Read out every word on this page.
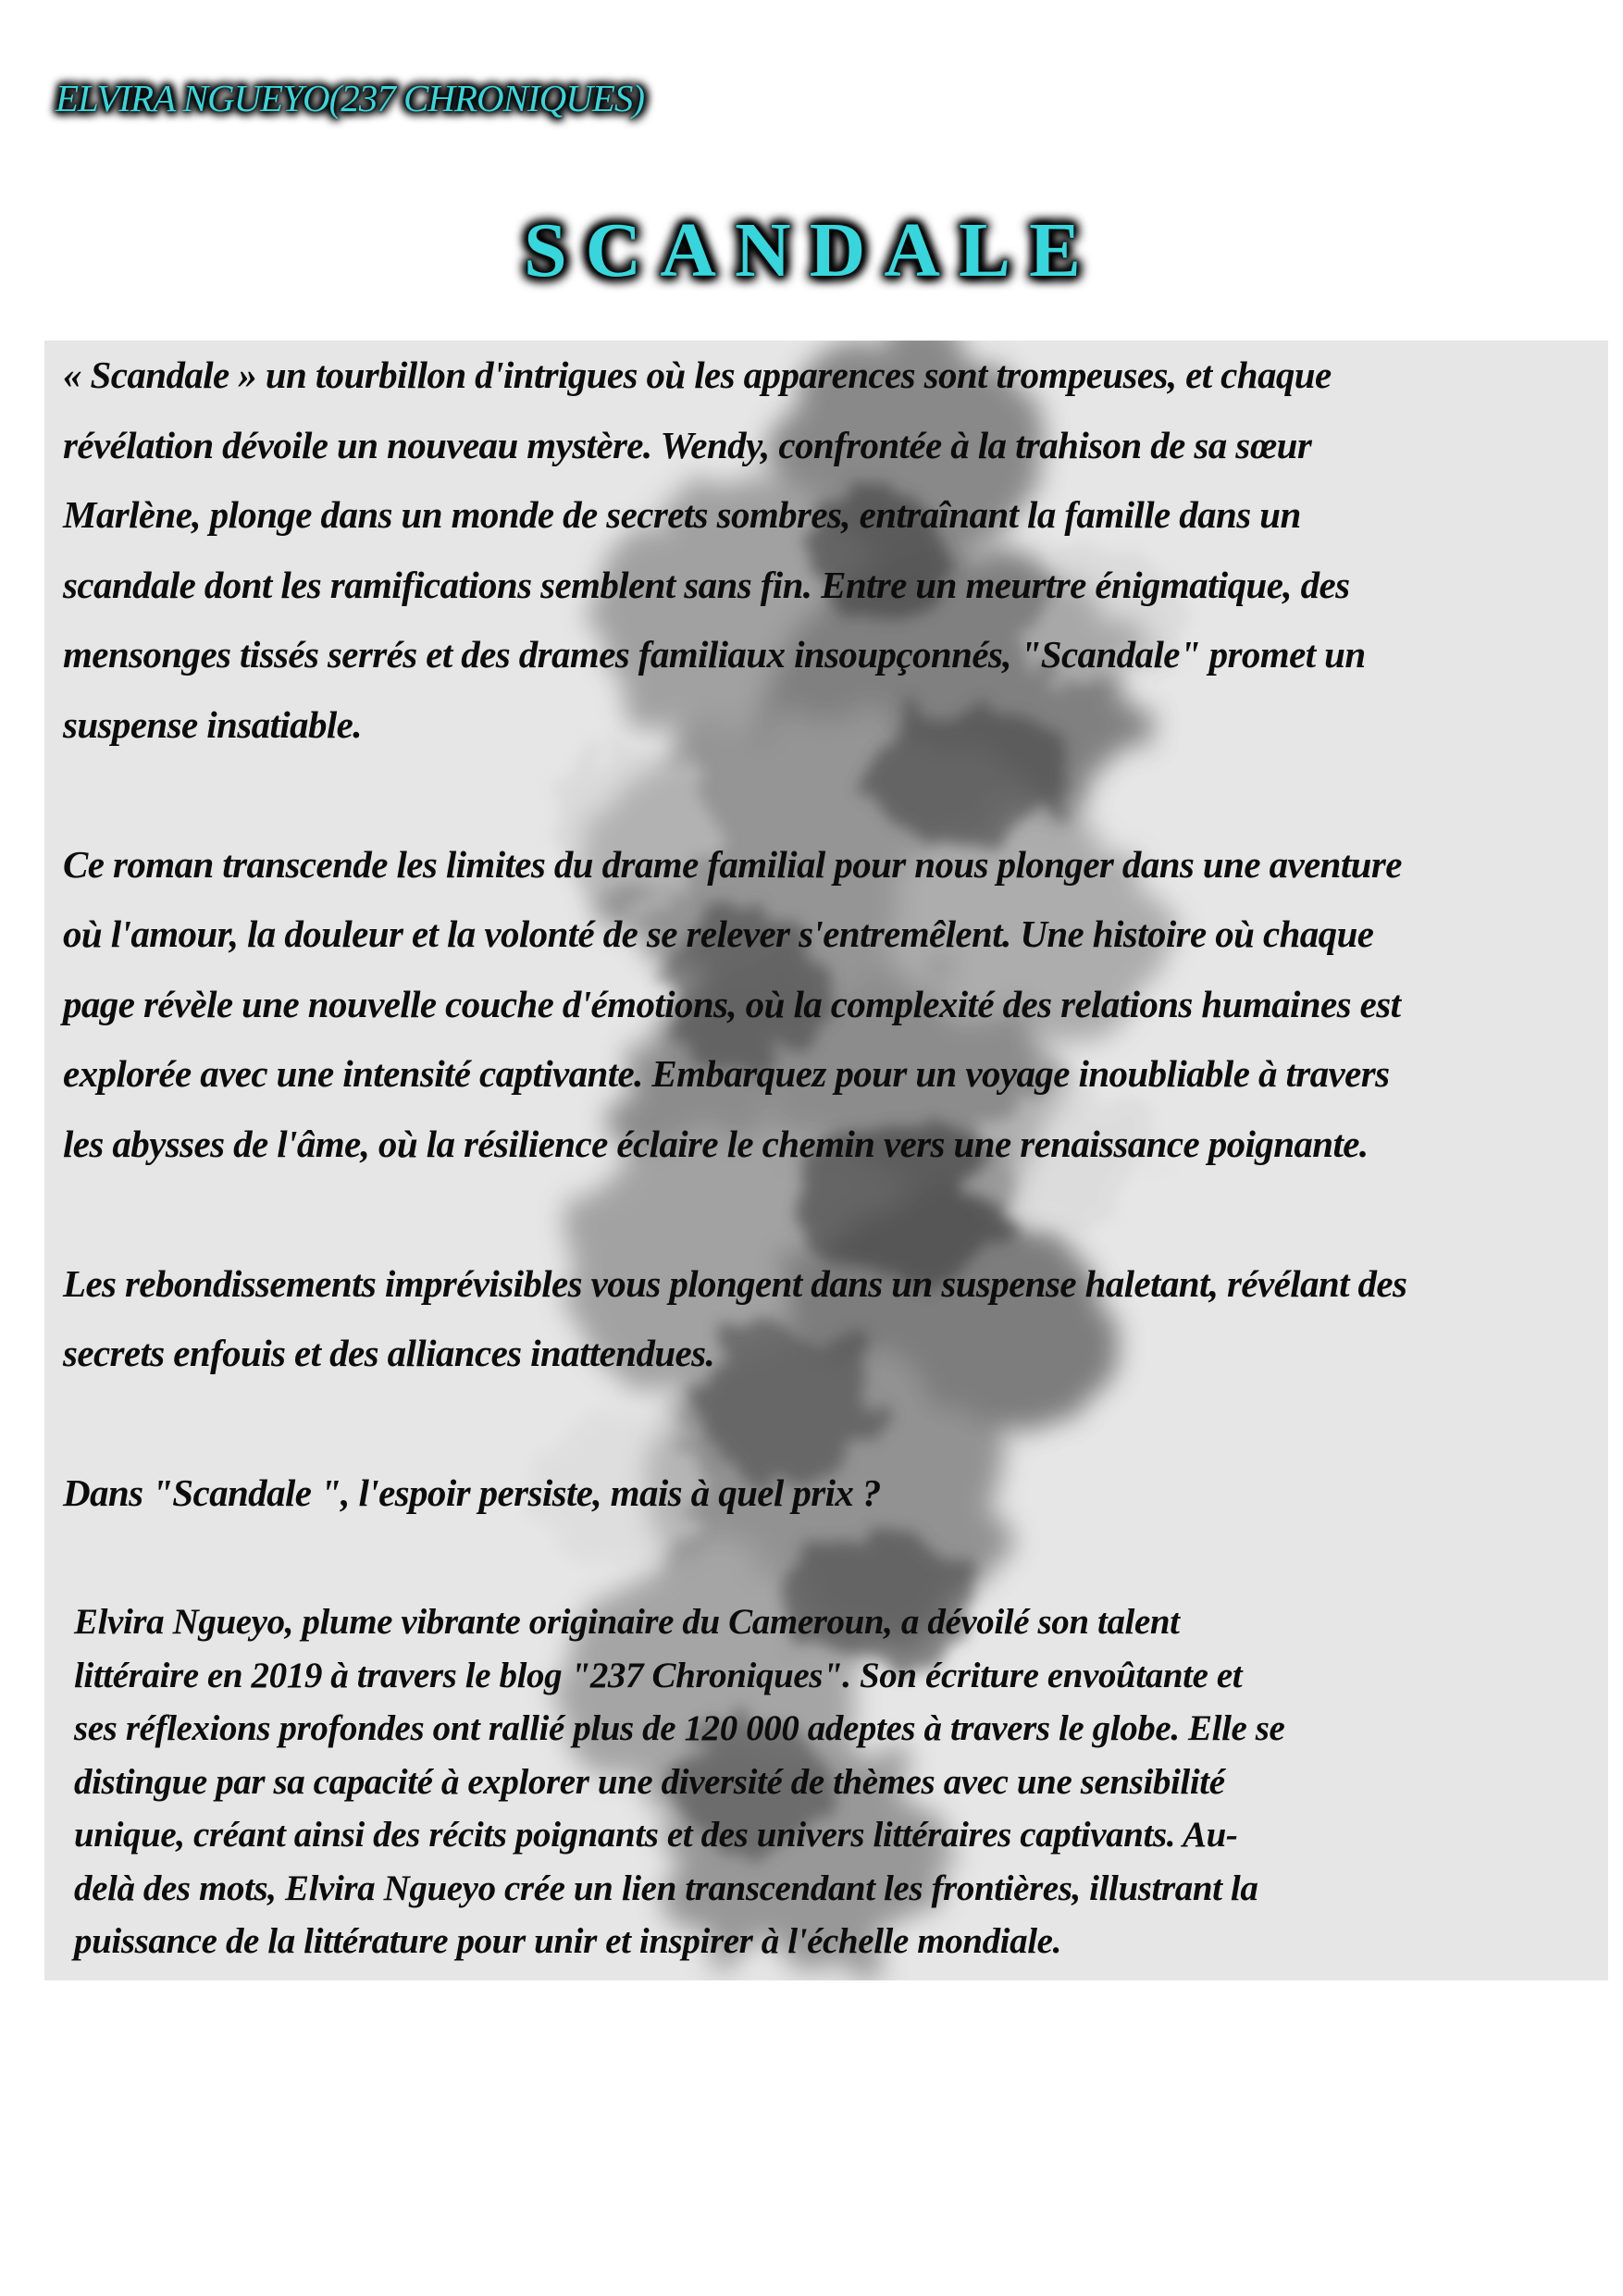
ELVIRA NGUEYO(237 CHRONIQUES)
SCANDALE

« Scandale » un tourbillon d'intrigues où les apparences sont trompeuses, et chaque
révélation dévoile un nouveau mystère. Wendy, confrontée à la trahison de sa sœur
Marlène, plonge dans un monde de secrets sombres, entraînant la famille dans un
scandale dont les ramifications semblent sans fin. Entre un meurtre énigmatique, des
mensonges tissés serrés et des drames familiaux insoupçonnés, "Scandale" promet un
suspense insatiable.

Ce roman transcende les limites du drame familial pour nous plonger dans une aventure
où l'amour, la douleur et la volonté de se relever s'entremêlent. Une histoire où chaque
page révèle une nouvelle couche d'émotions, où la complexité des relations humaines est
explorée avec une intensité captivante. Embarquez pour un voyage inoubliable à travers
les abysses de l'âme, où la résilience éclaire le chemin vers une renaissance poignante.

Les rebondissements imprévisibles vous plongent dans un suspense haletant, révélant des
secrets enfouis et des alliances inattendues.

Dans "Scandale ", l'espoir persiste, mais à quel prix ?

Elvira Ngueyo, plume vibrante originaire du Cameroun, a dévoilé son talent
littéraire en 2019 à travers le blog "237 Chroniques". Son écriture envoûtante et
ses réflexions profondes ont rallié plus de 120 000 adeptes à travers le globe. Elle se
distingue par sa capacité à explorer une diversité de thèmes avec une sensibilité
unique, créant ainsi des récits poignants et des univers littéraires captivants. Au-
delà des mots, Elvira Ngueyo crée un lien transcendant les frontières, illustrant la
puissance de la littérature pour unir et inspirer à l'échelle mondiale.
